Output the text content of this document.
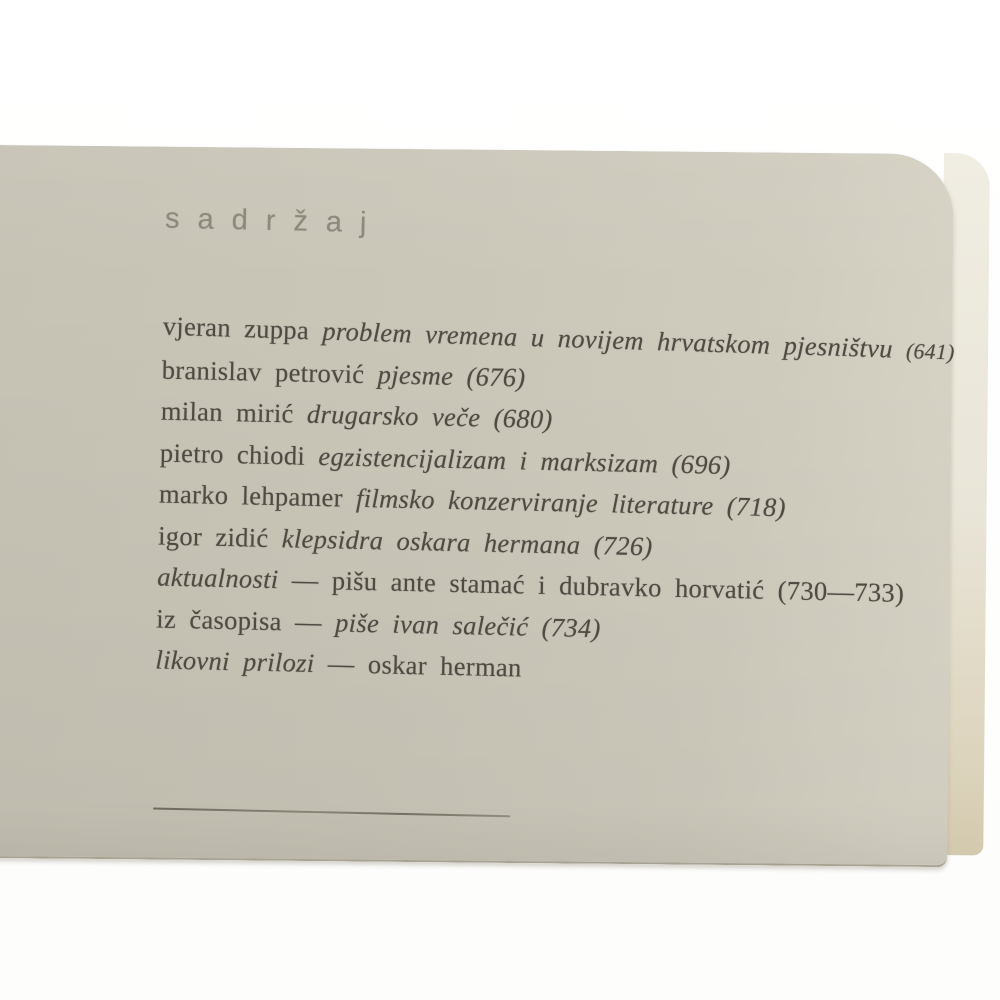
sadržaj
vjeran zuppa problem vremena u novijem hrvatskom pjesništvu (641)
branislav petrović pjesme (676)
milan mirić drugarsko veče (680)
pietro chiodi egzistencijalizam i marksizam (696)
marko lehpamer filmsko konzerviranje literature (718)
igor zidić klepsidra oskara hermana (726)
aktualnosti — pišu ante stamać i dubravko horvatić (730—733)
iz časopisa — piše ivan salečić (734)
likovni prilozi — oskar herman
